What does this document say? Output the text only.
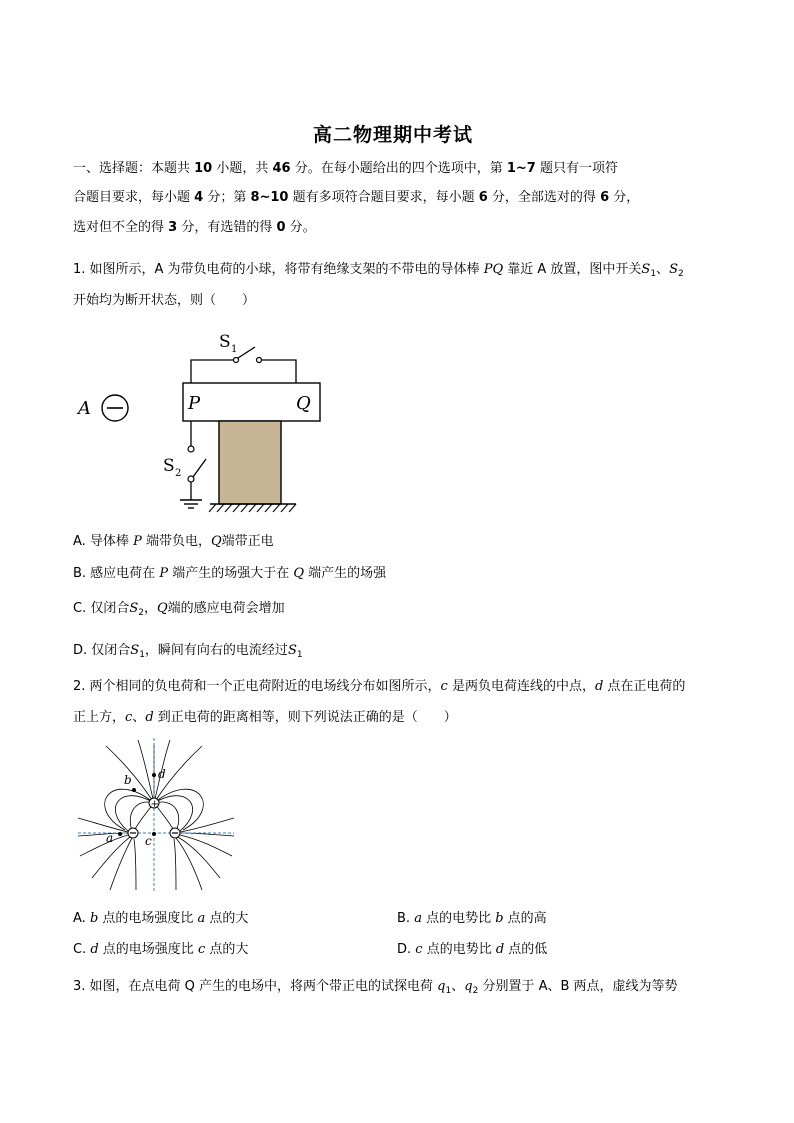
高二物理期中考试
一、选择题：本题共 10 小题，共 46 分。在每小题给出的四个选项中，第 1~7 题只有一项符
合题目要求，每小题 4 分；第 8~10 题有多项符合题目要求，每小题 6 分，全部选对的得 6 分，
选对但不全的得 3 分，有选错的得 0 分。
1. 如图所示，A 为带负电荷的小球，将带有绝缘支架的不带电的导体棒 PQ 靠近 A 放置，图中开关$S_1$、$S_2$
开始均为断开状态，则（　　）
A
S 1
P	Q
S 2
A. 导体棒 P 端带负电，Q端带正电
B. 感应电荷在 P 端产生的场强大于在 Q 端产生的场强
C. 仅闭合$S_2$，Q端的感应电荷会增加
D. 仅闭合$S_1$，瞬间有向右的电流经过$S_1$
2. 两个相同的负电荷和一个正电荷附近的电场线分布如图所示，c 是两负电荷连线的中点，d 点在正电荷的
正上方，c、d 到正电荷的距离相等，则下列说法正确的是（　　）
+
d
b
a	c
A. b 点的电场强度比 a 点的大	B. a 点的电势比 b 点的高
C. d 点的电场强度比 c 点的大	D. c 点的电势比 d 点的低
3. 如图，在点电荷 Q 产生的电场中，将两个带正电的试探电荷 $q_1$、$q_2$ 分别置于 A、B 两点，虚线为等势
